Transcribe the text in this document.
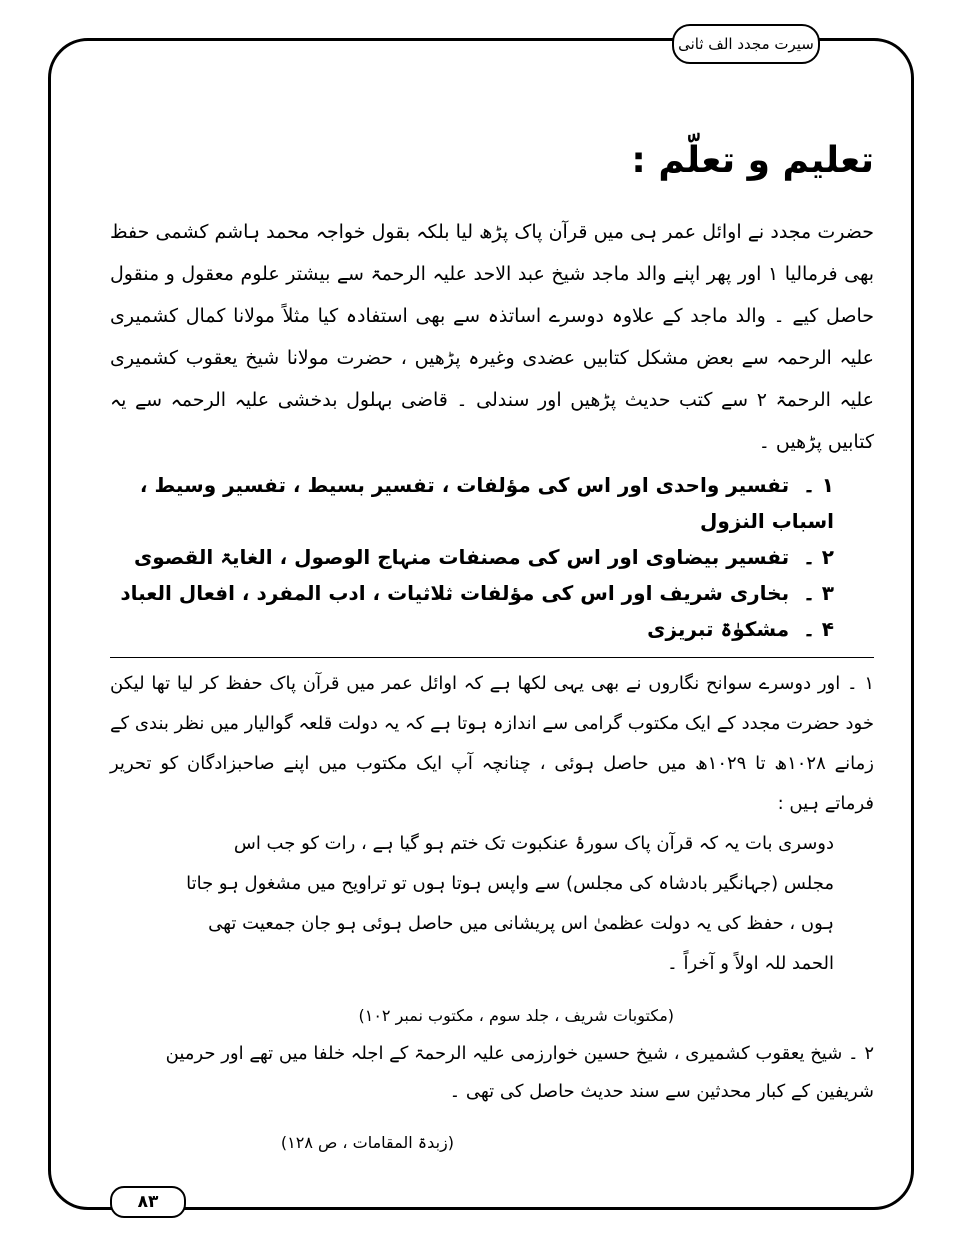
سیرت مجدد الف ثانی
تعلیم و تعلّم :

حضرت مجدد نے اوائل عمر ہی میں قرآن پاک پڑھ لیا بلکہ بقول خواجہ محمد ہاشم کشمی حفظ بھی فرمالیا ۱ اور پھر اپنے والد ماجد شیخ عبد الاحد علیہ الرحمۃ سے بیشتر علوم معقول و منقول حاصل کیے ۔ والد ماجد کے علاوہ دوسرے اساتذہ سے بھی استفادہ کیا مثلاً مولانا کمال کشمیری علیہ الرحمہ سے بعض مشکل کتابیں عضدی وغیرہ پڑھیں ، حضرت مولانا شیخ یعقوب کشمیری علیہ الرحمۃ ۲ سے کتب حدیث پڑھیں اور سندلی ۔ قاضی بہلول بدخشی علیہ الرحمہ سے یہ کتابیں پڑھیں ۔

۱ ۔تفسیر واحدی اور اس کی مؤلفات ، تفسیر بسیط ، تفسیر وسیط ، اسباب النزول
۲ ۔تفسیر بیضاوی اور اس کی مصنفات منہاج الوصول ، الغایۃ القصوی
۳ ۔بخاری شریف اور اس کی مؤلفات ثلاثیات ، ادب المفرد ، افعال العباد
۴ ۔مشکوٰۃ تبریزی

۱ ۔ اور دوسرے سوانح نگاروں نے بھی یہی لکھا ہے کہ اوائل عمر میں قرآن پاک حفظ کر لیا تھا لیکن خود حضرت مجدد کے ایک مکتوب گرامی سے اندازہ ہوتا ہے کہ یہ دولت قلعہ گوالیار میں نظر بندی کے زمانے ۱۰۲۸ھ تا ۱۰۲۹ھ میں حاصل ہوئی ، چنانچہ آپ ایک مکتوب میں اپنے صاحبزادگان کو تحریر فرماتے ہیں :

دوسری بات یہ کہ قرآن پاک سورۂ عنکبوت تک ختم ہو گیا ہے ، رات کو جب اس مجلس (جہانگیر بادشاہ کی مجلس) سے واپس ہوتا ہوں تو تراویح میں مشغول ہو جاتا ہوں ، حفظ کی یہ دولت عظمیٰ اس پریشانی میں حاصل ہوئی ہو جان جمعیت تھی الحمد للہ اولاً و آخراً ۔

(مکتوبات شریف ، جلد سوم ، مکتوب نمبر ۱۰۲)

۲ ۔ شیخ یعقوب کشمیری ، شیخ حسین خوارزمی علیہ الرحمۃ کے اجلہ خلفا میں تھے اور حرمین شریفین کے کبار محدثین سے سند حدیث حاصل کی تھی ۔

(زبدۃ المقامات ، ص ۱۲۸)

۸۳
